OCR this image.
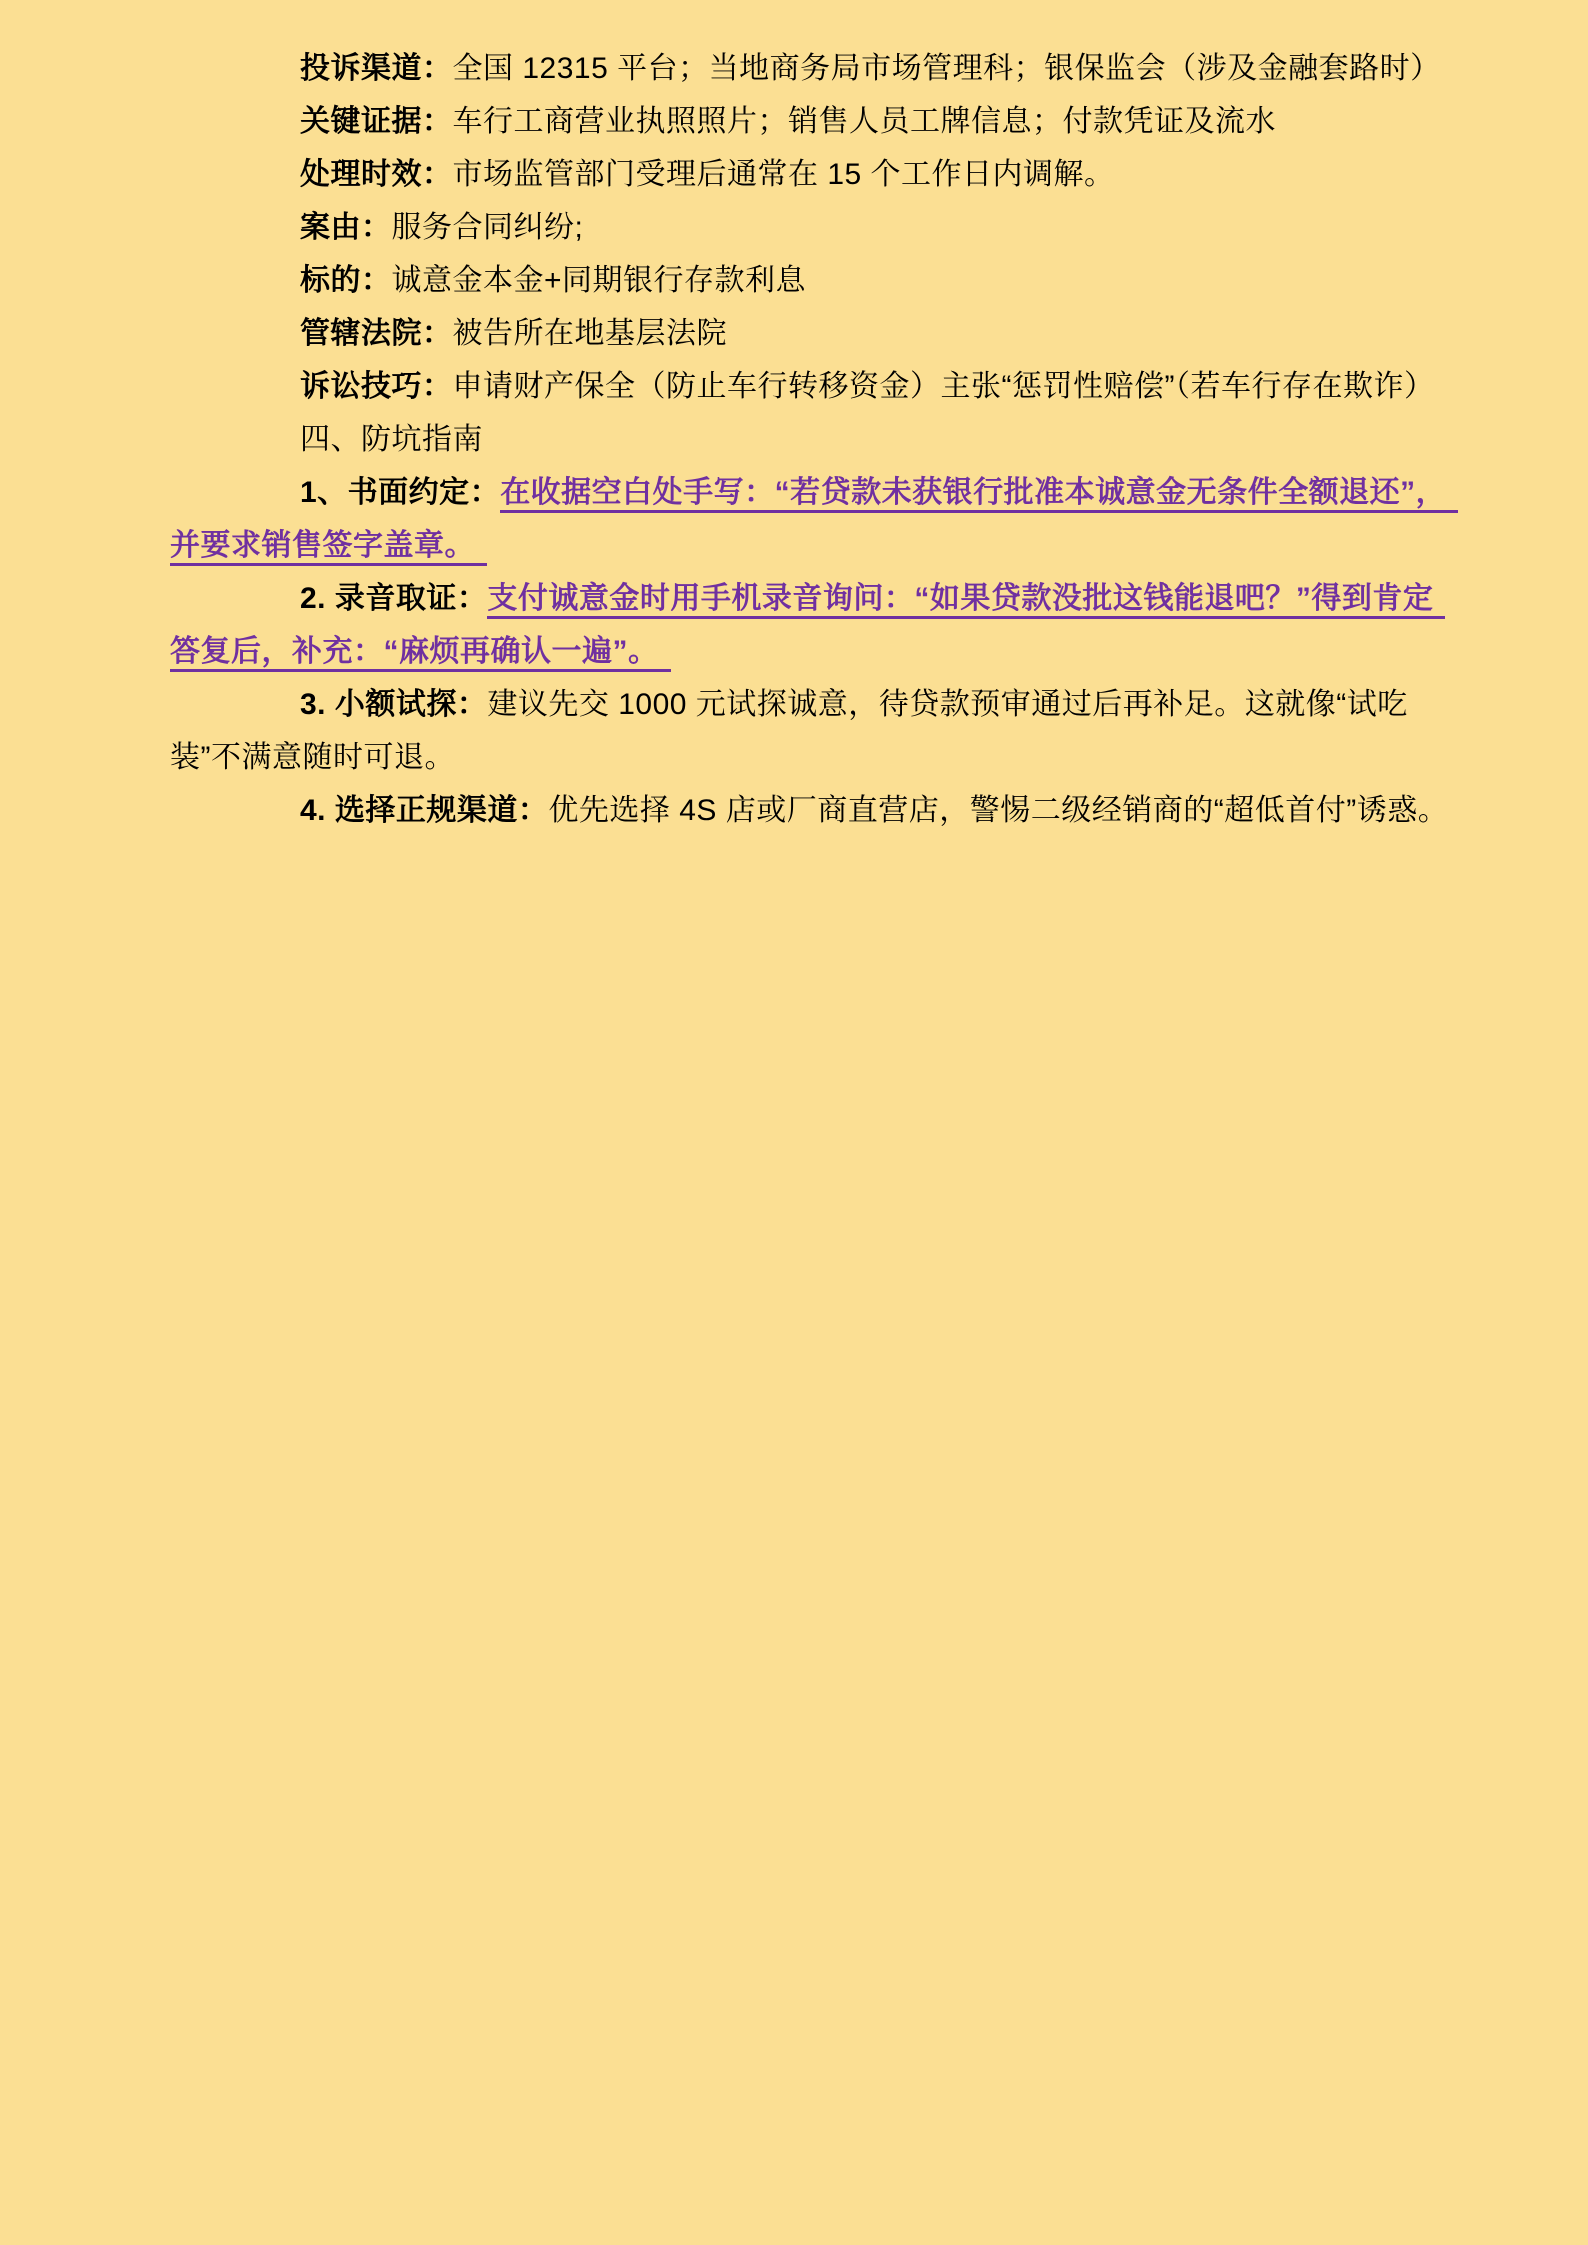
投诉渠道：全国 12315 平台；当地商务局市场管理科；银保监会（涉及金融套路时）
关键证据：车行工商营业执照照片；销售人员工牌信息；付款凭证及流水
处理时效：市场监管部门受理后通常在 15 个工作日内调解。
案由：服务合同纠纷;
标的：诚意金本金+同期银行存款利息
管辖法院：被告所在地基层法院
诉讼技巧：申请财产保全（防止车行转移资金）主张“惩罚性赔偿”（若车行存在欺诈）
四、防坑指南
1、书面约定：在收据空白处手写：“若贷款未获银行批准本诚意金无条件全额退还”，
并要求销售签字盖章。
2. 录音取证：支付诚意金时用手机录音询问：“如果贷款没批这钱能退吧？”得到肯定
答复后，补充：“麻烦再确认一遍”。
3. 小额试探：建议先交 1000 元试探诚意，待贷款预审通过后再补足。这就像“试吃
装”不满意随时可退。
4. 选择正规渠道：优先选择 4S 店或厂商直营店，警惕二级经销商的“超低首付”诱惑。
